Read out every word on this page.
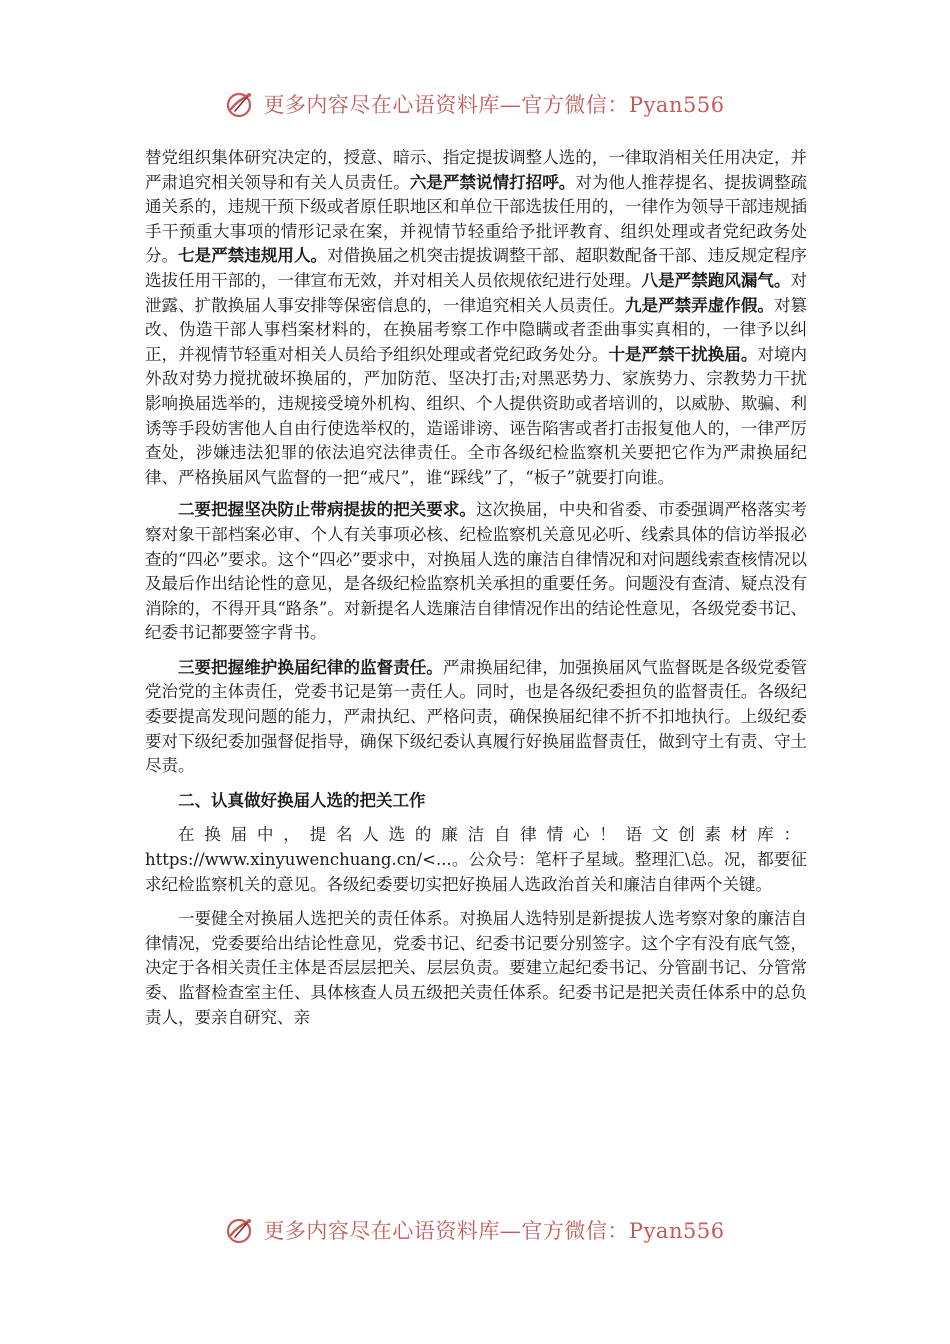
更多内容尽在心语资料库—官方微信：Pyan556

替党组织集体研究决定的，授意、暗示、指定提拔调整人选的，一律取消相关任用决定，并严肃追究相关领导和有关人员责任。六是严禁说情打招呼。对为他人推荐提名、提拔调整疏通关系的，违规干预下级或者原任职地区和单位干部选拔任用的，一律作为领导干部违规插手干预重大事项的情形记录在案，并视情节轻重给予批评教育、组织处理或者党纪政务处分。七是严禁违规用人。对借换届之机突击提拔调整干部、超职数配备干部、违反规定程序选拔任用干部的，一律宣布无效，并对相关人员依规依纪进行处理。八是严禁跑风漏气。对泄露、扩散换届人事安排等保密信息的，一律追究相关人员责任。九是严禁弄虚作假。对篡改、伪造干部人事档案材料的，在换届考察工作中隐瞒或者歪曲事实真相的，一律予以纠正，并视情节轻重对相关人员给予组织处理或者党纪政务处分。十是严禁干扰换届。对境内外敌对势力搅扰破坏换届的，严加防范、坚决打击;对黑恶势力、家族势力、宗教势力干扰影响换届选举的，违规接受境外机构、组织、个人提供资助或者培训的，以威胁、欺骗、利诱等手段妨害他人自由行使选举权的，造谣诽谤、诬告陷害或者打击报复他人的，一律严厉查处，涉嫌违法犯罪的依法追究法律责任。全市各级纪检监察机关要把它作为严肃换届纪律、严格换届风气监督的一把“戒尺”，谁“踩线”了，“板子”就要打向谁。

二要把握坚决防止带病提拔的把关要求。这次换届，中央和省委、市委强调严格落实考察对象干部档案必审、个人有关事项必核、纪检监察机关意见必听、线索具体的信访举报必查的“四必”要求。这个“四必”要求中，对换届人选的廉洁自律情况和对问题线索查核情况以及最后作出结论性的意见，是各级纪检监察机关承担的重要任务。问题没有查清、疑点没有消除的，不得开具“路条”。对新提名人选廉洁自律情况作出的结论性意见，各级党委书记、纪委书记都要签字背书。

三要把握维护换届纪律的监督责任。严肃换届纪律，加强换届风气监督既是各级党委管党治党的主体责任，党委书记是第一责任人。同时，也是各级纪委担负的监督责任。各级纪委要提高发现问题的能力，严肃执纪、严格问责，确保换届纪律不折不扣地执行。上级纪委要对下级纪委加强督促指导，确保下级纪委认真履行好换届监督责任，做到守土有责、守土尽责。

二、认真做好换届人选的把关工作

在换届中，提名人选的廉洁自律情心！语文创素材库：https://www.xinyuwenchuang.cn/<...。公众号：笔杆子星域。整理汇\总。况，都要征求纪检监察机关的意见。各级纪委要切实把好换届人选政治首关和廉洁自律两个关键。

一要健全对换届人选把关的责任体系。对换届人选特别是新提拔人选考察对象的廉洁自律情况，党委要给出结论性意见，党委书记、纪委书记要分别签字。这个字有没有底气签，决定于各相关责任主体是否层层把关、层层负责。要建立起纪委书记、分管副书记、分管常委、监督检查室主任、具体核查人员五级把关责任体系。纪委书记是把关责任体系中的总负责人，要亲自研究、亲

更多内容尽在心语资料库—官方微信：Pyan556
